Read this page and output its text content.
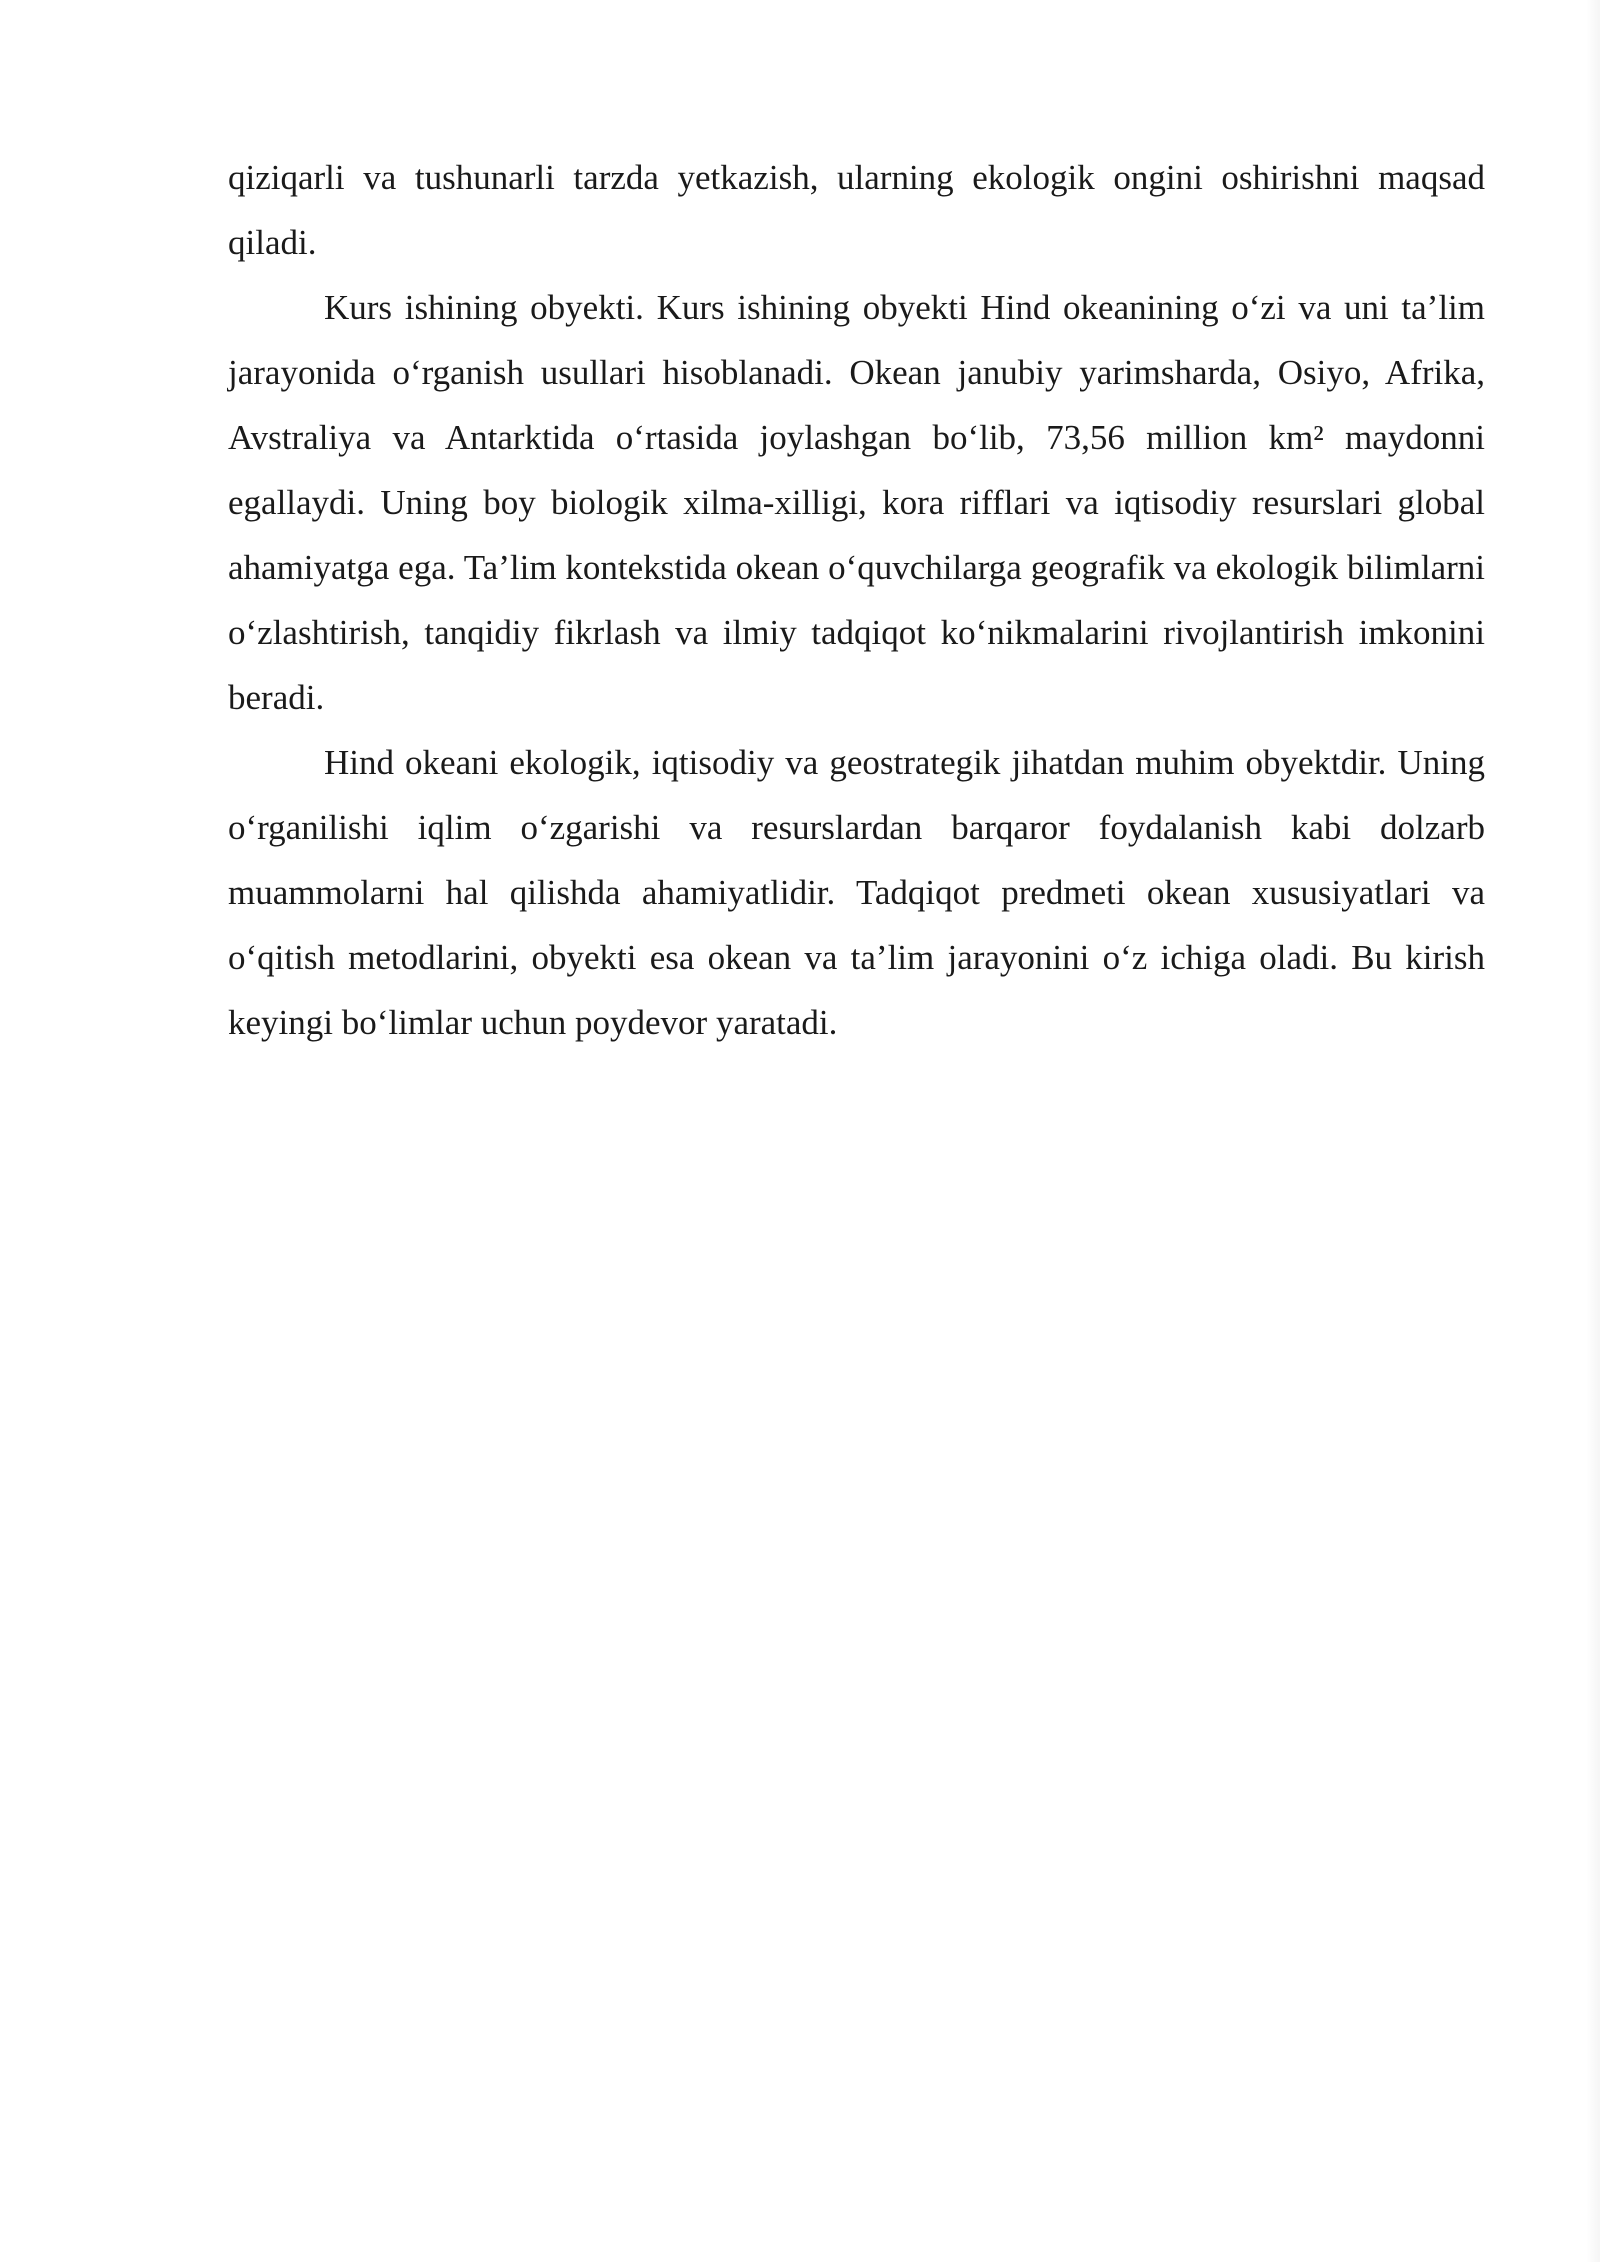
qiziqarli va tushunarli tarzda yetkazish, ularning ekologik ongini oshirishni maqsad qiladi.

Kurs ishining obyekti. Kurs ishining obyekti Hind okeanining o‘zi va uni ta’lim jarayonida o‘rganish usullari hisoblanadi. Okean janubiy yarimsharda, Osiyo, Afrika, Avstraliya va Antarktida o‘rtasida joylashgan bo‘lib, 73,56 million km² maydonni egallaydi. Uning boy biologik xilma-xilligi, kora rifflari va iqtisodiy resurslari global ahamiyatga ega. Ta’lim kontekstida okean o‘quvchilarga geografik va ekologik bilimlarni o‘zlashtirish, tanqidiy fikrlash va ilmiy tadqiqot ko‘nikmalarini rivojlantirish imkonini beradi.

Hind okeani ekologik, iqtisodiy va geostrategik jihatdan muhim obyektdir. Uning o‘rganilishi iqlim o‘zgarishi va resurslardan barqaror foydalanish kabi dolzarb muammolarni hal qilishda ahamiyatlidir. Tadqiqot predmeti okean xususiyatlari va o‘qitish metodlarini, obyekti esa okean va ta’lim jarayonini o‘z ichiga oladi. Bu kirish keyingi bo‘limlar uchun poydevor yaratadi.
